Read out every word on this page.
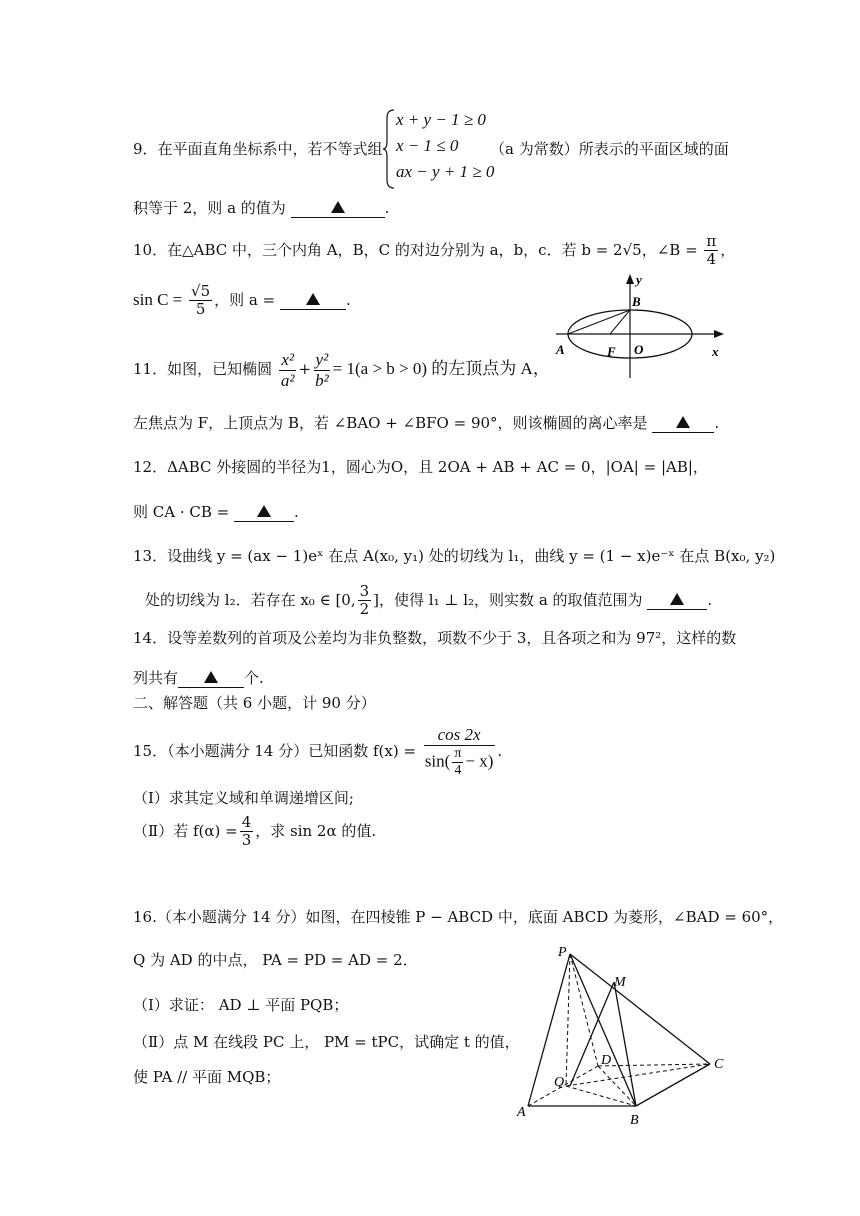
9．在平面直角坐标系中，若不等式组
x + y − 1 ≥ 0
x − 1 ≤ 0
ax − y + 1 ≥ 0
（a 为常数）所表示的平面区域的面
积等于 2，则 a 的值为	.
10．在△ABC 中，三个内角 A，B，C 的对边分别为 a，b，c．若 b = 2√5，∠B = $\frac{\pi}{4}$ ，
$\sin C = \frac{√5}{5}$ ，则 a =	.
y
B
A	F O	x
11．如图，已知椭圆 $\frac{\text{x²}}{\text{a²}} + \frac{\text{y²}}{\text{b²}} = 1(a > b > 0)$ 的左顶点为 A，
左焦点为 F，上顶点为 B，若 ∠BAO + ∠BFO = 90°，则该椭圆的离心率是	.
12．ΔABC 外接圆的半径为1，圆心为O，且 2OA + AB + AC = 0，|OA| = |AB|，
则 CA · CB =	.
13．设曲线 y = (ax − 1)eˣ 在点 A(x₀, y₁) 处的切线为 l₁，曲线 y = (1 − x)e⁻ˣ 在点 B(x₀, y₂)
处的切线为 l₂．若存在 x₀ ∈ [0, $\frac{3}{2}$ ]，使得 l₁ ⊥ l₂，则实数 a 的取值范围为	.
14．设等差数列的首项及公差均为非负整数，项数不少于 3，且各项之和为 97²，这样的数
列共有	个.
二、解答题（共 6 小题，计 90 分）
15．（本小题满分 14 分）已知函数 $f(x) = \frac{\cos 2x}{\sin( \frac{\pi}{4} - x)}$ .
（Ⅰ）求其定义域和单调递增区间;
（Ⅱ）若 $f(\alpha) = \frac{4}{3}$ ，求 sin 2α 的值.
16.（本小题满分 14 分）如图，在四棱锥 P − ABCD 中，底面 ABCD 为菱形，∠BAD = 60°，
Q 为 AD 的中点， PA = PD = AD = 2．
（Ⅰ）求证： AD ⊥ 平面 PQB；
（Ⅱ）点 M 在线段 PC 上， PM = tPC，试确定 t 的值，
使 PA // 平面 MQB；
P
M
D	C
Q
A
B
